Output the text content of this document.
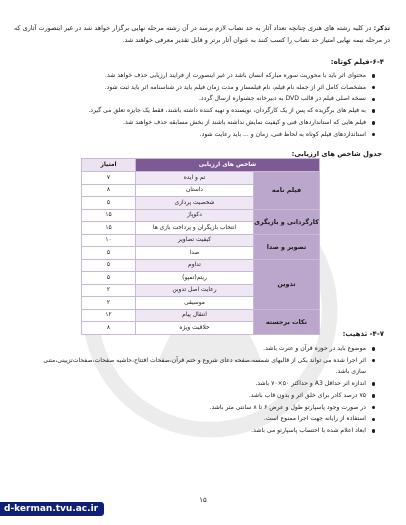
تذکر: در کلیه رشته های هنری چنانچه تعداد آثار به حد نصاب لازم برسد در آن رشته مرحله نهایی برگزار خواهد شد در غیر اینصورت آثاری که در مرحله نیمه نهایی امتیاز حد نصاب را کسب کنند به عنوان آثار برتر و قابل تقدیر معرفی خواهند شد.
۶-۴-فیلم کوتاه:
محتوای اثر باید با محوریت سوره مبارکه انسان باشد در غیر اینصورت از فرایند ارزیابی حذف خواهد شد.
مشخصات کامل اثر از جمله نام فیلم، نام فیلمساز و مدت زمان فیلم باید در شناسنامه اثر باید ثبت شود.
نسخه اصلی فیلم در قالب DVD به دبیرخانه جشنواره ارسال گردد.
به فیلم های برگزیده که پس از یک کارگردان، نویسنده و تهیه کننده داشته باشند، فقط یک جایزه تعلق می گیرد.
فیلم هایی که استانداردهای فنی و کیفیت نمایش نداشته باشند از بخش مسابقه حذف خواهند شد.
استانداردهای فیلم کوتاه به لحاظ فنی، زمان و ... باید رعایت شود.
جدول شاخص های ارزیابی:
شاخص های ارزیابی		امتیاز
فیلم نامه	تم و ایده	۷
	داستان	۸
	شخصیت پردازی	۵
کارگردانی و بازیگری	دکوپاژ	۱۵
	انتخاب بازیگران و پرداخت بازی ها	۱۵
تصویر و صدا	کیفیت تصاویر	۱۰
	صدا	۵
تدوین	تداوم	۵
	ریتم(تمپو)	۵
	رعایت اصل تدوین	۲
	موسیقی	۲
نکات برجسته	انتقال پیام	۱۲
	خلاقیت ویژه	۸
۴-۷- تذهیب:
موضوع باید در حوزه قرآن و عترت باشد.
اثر اجرا شده می تواند یکی از قالبهای شمسه،صفحه دعای شروع و ختم قرآن،صفحات افتتاح،حاشیه صفحات،صفحات‌تزیینی،متنی سازی باشد.
اندازه اثر حداقل A3 و حداکثر ۵۰×۷۰ باشد.
۷۵ درصد کادر برای خلق اثر و بدون قاب باشد.
در صورت وجود پاسپارتو طول و عرض ۶ تا ۸ سانتی متر باشد.
استفاده از رایانه جهت اجرا ممنوع است.
ابعاد اعلام شده با احتساب پاسپارتو می باشد.
۱۵
d-kerman.tvu.ac.ir
